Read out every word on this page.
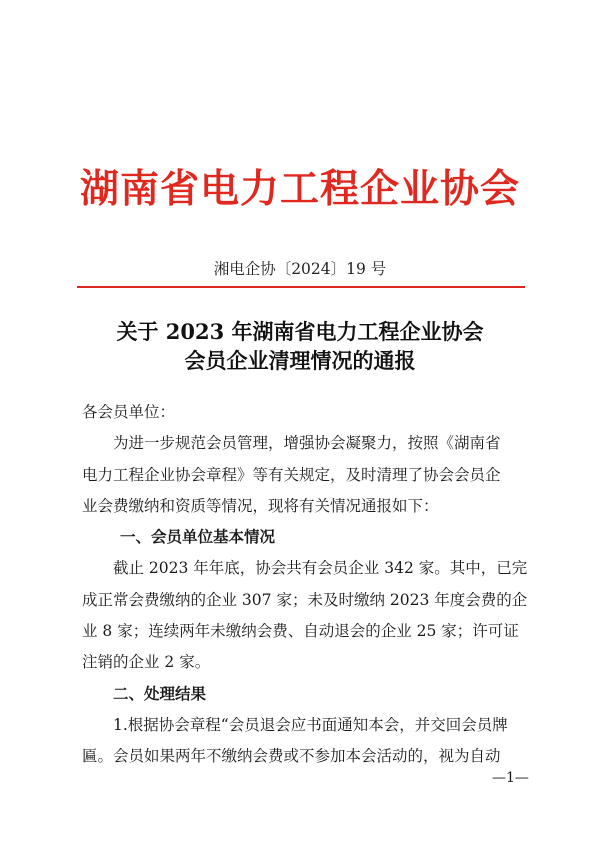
湖南省电力工程企业协会
湘电企协〔2024〕19 号
关于 2023 年湖南省电力工程企业协会
会员企业清理情况的通报
各会员单位：
为进一步规范会员管理，增强协会凝聚力，按照《湖南省
电力工程企业协会章程》等有关规定，及时清理了协会会员企
业会费缴纳和资质等情况，现将有关情况通报如下：
一、会员单位基本情况
截止 2023 年年底，协会共有会员企业 342 家。其中，已完
成正常会费缴纳的企业 307 家；未及时缴纳 2023 年度会费的企
业 8 家；连续两年未缴纳会费、自动退会的企业 25 家；许可证
注销的企业 2 家。
二、处理结果
1.根据协会章程“会员退会应书面通知本会，并交回会员牌
匾。会员如果两年不缴纳会费或不参加本会活动的，视为自动
—1—
